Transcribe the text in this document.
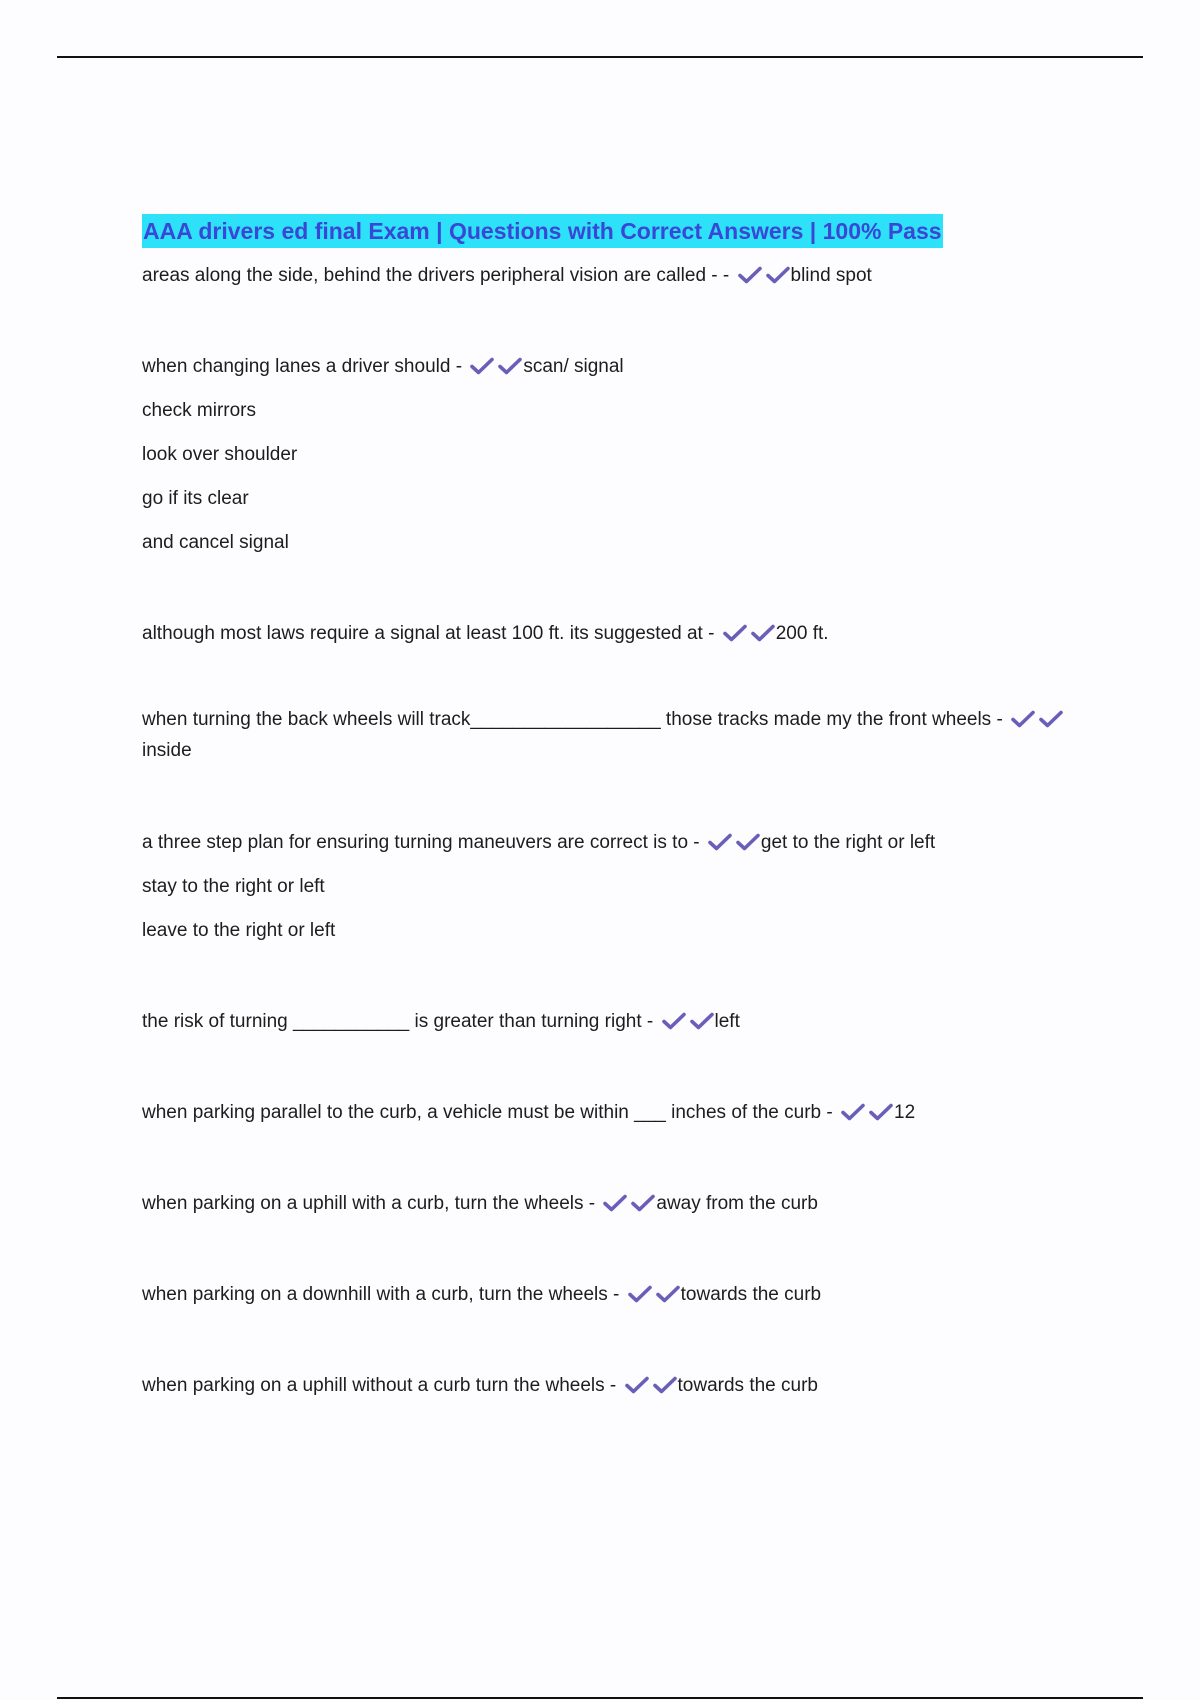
AAA drivers ed final Exam | Questions with Correct Answers | 100% Pass
areas along the side, behind the drivers peripheral vision are called - -	blind spot
when changing lanes a driver should -	scan/ signal
check mirrors
look over shoulder
go if its clear
and cancel signal
although most laws require a signal at least 100 ft. its suggested at -	200 ft.
when turning the back wheels will track__________________ those tracks made my the front wheels -
inside
a three step plan for ensuring turning maneuvers are correct is to -	get to the right or left
stay to the right or left
leave to the right or left
the risk of turning ___________ is greater than turning right -	left
when parking parallel to the curb, a vehicle must be within ___ inches of the curb -	12
when parking on a uphill with a curb, turn the wheels -	away from the curb
when parking on a downhill with a curb, turn the wheels -	towards the curb
when parking on a uphill without a curb turn the wheels -	towards the curb
